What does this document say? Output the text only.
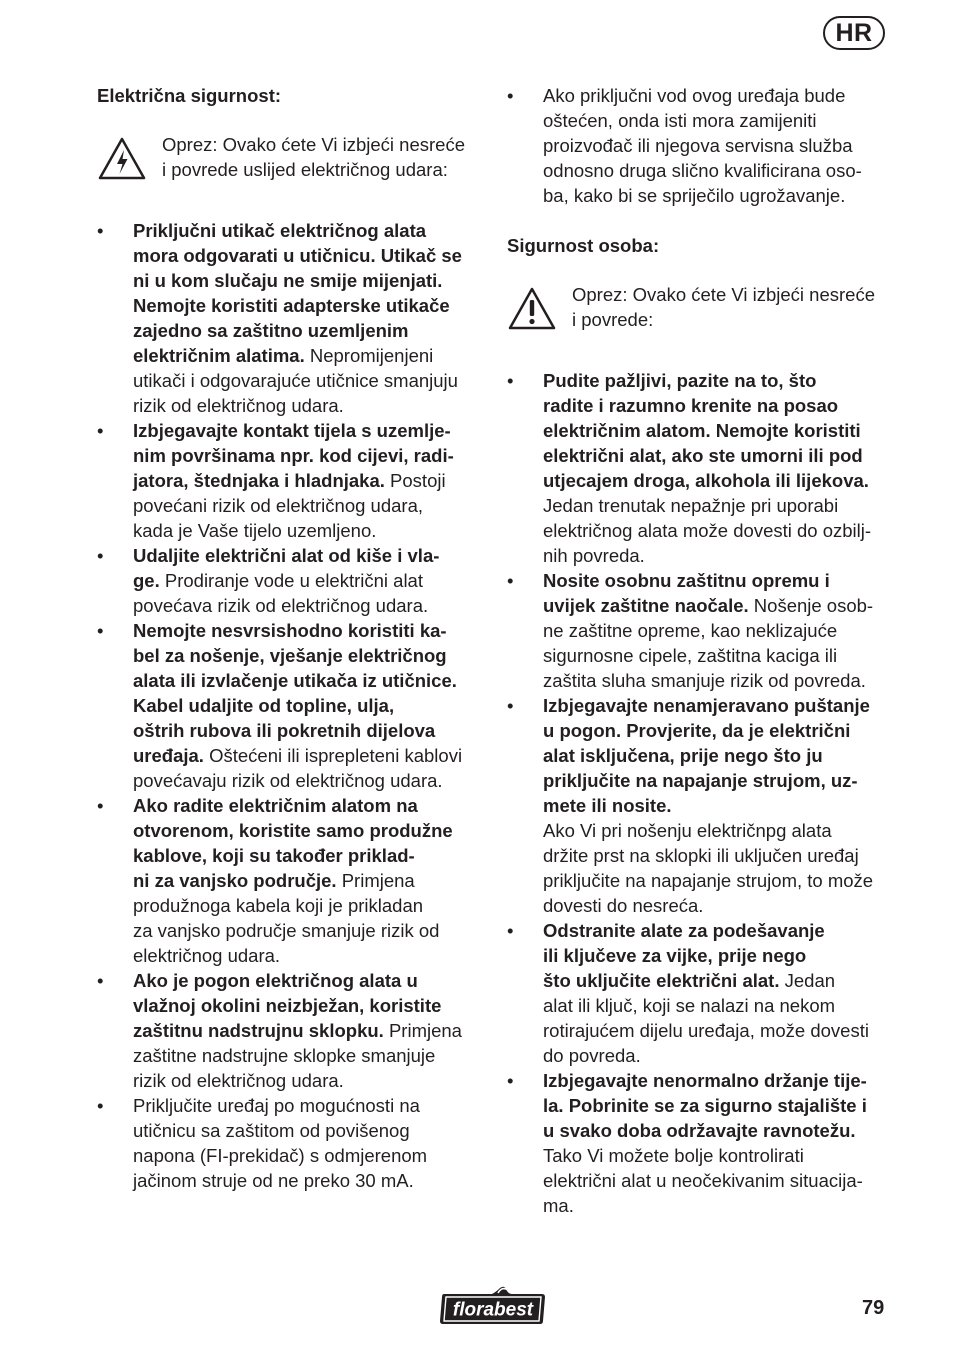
HR

Električna sigurnost:

Oprez: Ovako ćete Vi izbjeći nesreće
i povrede uslijed električnog udara:
• Priključni utikač električnog alata
mora odgovarati u utičnicu. Utikač se
ni u kom slučaju ne smije mijenjati.
Nemojte koristiti adapterske utikače
zajedno sa zaštitno uzemljenim
električnim alatima. Nepromijenjeni
utikači i odgovarajuće utičnice smanjuju
rizik od električnog udara.
• Izbjegavajte kontakt tijela s uzemlje-
nim površinama npr. kod cijevi, radi-
jatora, štednjaka i hladnjaka. Postoji
povećani rizik od električnog udara,
kada je Vaše tijelo uzemljeno.
• Udaljite električni alat od kiše i vla-
ge. Prodiranje vode u električni alat
povećava rizik od električnog udara.
• Nemojte nesvrsishodno koristiti ka-
bel za nošenje, vješanje električnog
alata ili izvlačenje utikača iz utičnice.
Kabel udaljite od topline, ulja,
oštrih rubova ili pokretnih dijelova
uređaja. Oštećeni ili isprepleteni kablovi
povećavaju rizik od električnog udara.
• Ako radite električnim alatom na
otvorenom, koristite samo produžne
kablove, koji su također priklad-
ni za vanjsko područje. Primjena
produžnoga kabela koji je prikladan
za vanjsko područje smanjuje rizik od
električnog udara.
• Ako je pogon električnog alata u
vlažnoj okolini neizbježan, koristite
zaštitnu nadstrujnu sklopku. Primjena
zaštitne nadstrujne sklopke smanjuje
rizik od električnog udara.
• Priključite uređaj po mogućnosti na
utičnicu sa zaštitom od povišenog
napona (FI-prekidač) s odmjerenom
jačinom struje od ne preko 30 mA.
• Ako priključni vod ovog uređaja bude
oštećen, onda isti mora zamijeniti
proizvođač ili njegova servisna služba
odnosno druga slično kvalificirana oso-
ba, kako bi se spriječilo ugrožavanje.

Sigurnost osoba:

Oprez: Ovako ćete Vi izbjeći nesreće
i povrede:
• Pudite pažljivi, pazite na to, što
radite i razumno krenite na posao
električnim alatom. Nemojte koristiti
električni alat, ako ste umorni ili pod
utjecajem droga, alkohola ili lijekova.
Jedan trenutak nepažnje pri uporabi
električnog alata može dovesti do ozbilj-
nih povreda.
• Nosite osobnu zaštitnu opremu i
uvijek zaštitne naočale. Nošenje osob-
ne zaštitne opreme, kao neklizajuće
sigurnosne cipele, zaštitna kaciga ili
zaštita sluha smanjuje rizik od povreda.
• Izbjegavajte nenamjeravano puštanje
u pogon. Provjerite, da je električni
alat isključena, prije nego što ju
priključite na napajanje strujom, uz-
mete ili nosite.
Ako Vi pri nošenju električnpg alata
držite prst na sklopki ili uključen uređaj
priključite na napajanje strujom, to može
dovesti do nesreća.
• Odstranite alate za podešavanje
ili ključeve za vijke, prije nego
što uključite električni alat. Jedan
alat ili ključ, koji se nalazi na nekom
rotirajućem dijelu uređaja, može dovesti
do povreda.
• Izbjegavajte nenormalno držanje tije-
la. Pobrinite se za sigurno stajalište i
u svako doba održavajte ravnotežu.
Tako Vi možete bolje kontrolirati
električni alat u neočekivanim situacija-
ma.
florabest	79
